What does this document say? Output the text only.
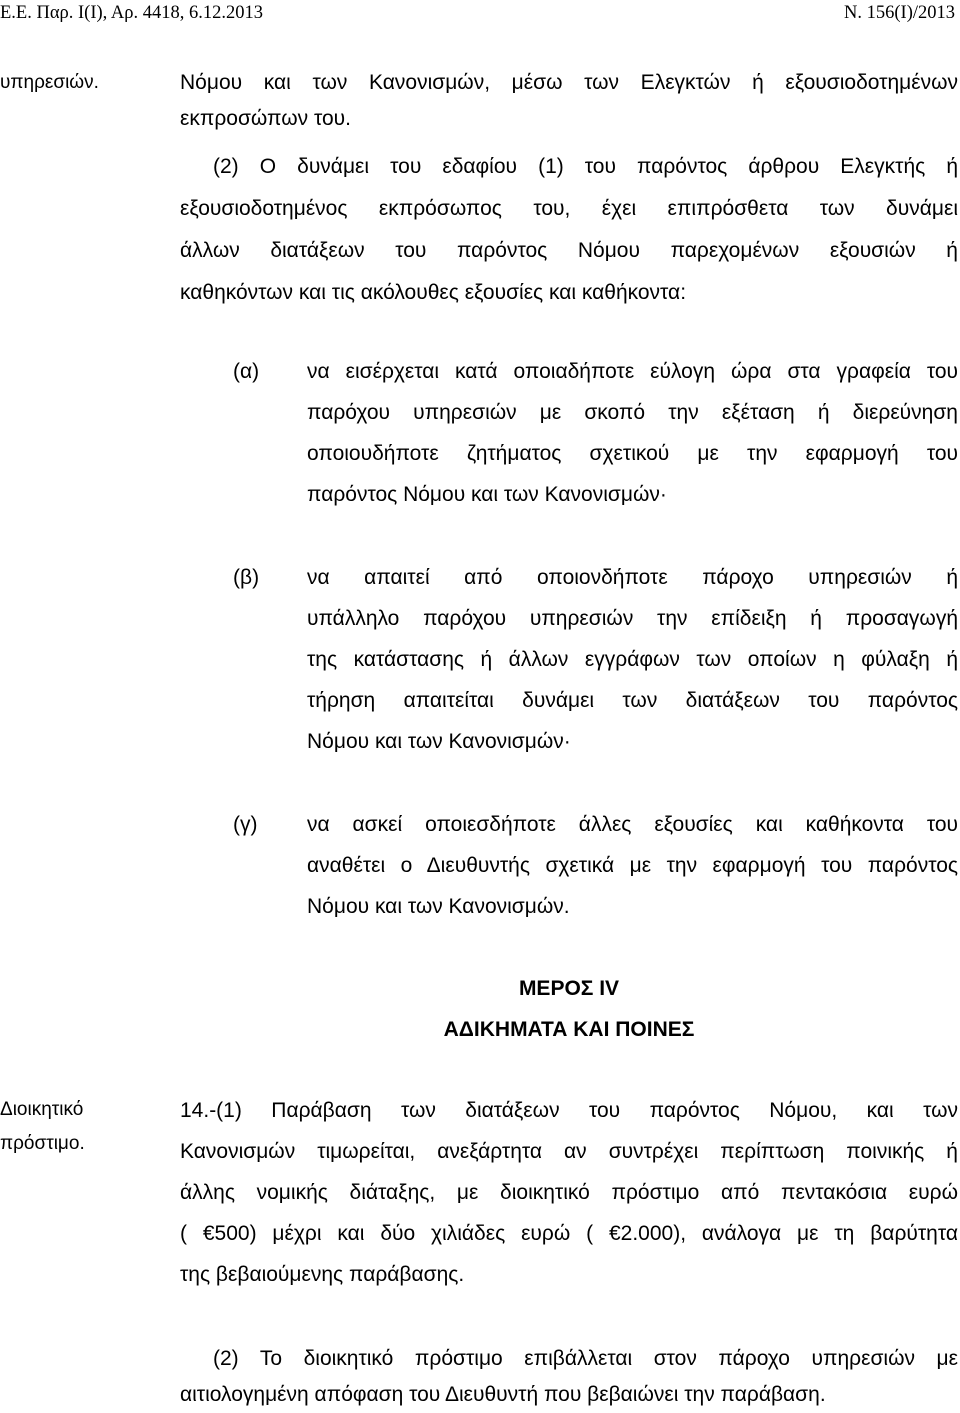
Ε.Ε. Παρ. Ι(Ι), Αρ. 4418, 6.12.2013	Ν. 156(Ι)/2013
υπηρεσιών.	Νόμου και των Κανονισμών, μέσω των Ελεγκτών ή εξουσιοδοτημένων
εκπροσώπων του.
(2) Ο δυνάμει του εδαφίου (1) του παρόντος άρθρου Ελεγκτής ή
εξουσιοδοτημένος εκπρόσωπος του, έχει επιπρόσθετα των δυνάμει
άλλων διατάξεων του παρόντος Νόμου παρεχομένων εξουσιών ή
καθηκόντων και τις ακόλουθες εξουσίες και καθήκοντα:
(α) να εισέρχεται κατά οποιαδήποτε εύλογη ώρα στα γραφεία του
παρόχου υπηρεσιών με σκοπό την εξέταση ή διερεύνηση
οποιουδήποτε ζητήματος σχετικού με την εφαρμογή του
παρόντος Νόμου και των Κανονισμών·
(β) να απαιτεί από οποιονδήποτε πάροχο υπηρεσιών ή
υπάλληλο παρόχου υπηρεσιών την επίδειξη ή προσαγωγή
της κατάστασης ή άλλων εγγράφων των οποίων η φύλαξη ή
τήρηση απαιτείται δυνάμει των διατάξεων του παρόντος
Νόμου και των Κανονισμών·
(γ) να ασκεί οποιεσδήποτε άλλες εξουσίες και καθήκοντα του
αναθέτει ο Διευθυντής σχετικά με την εφαρμογή του παρόντος
Νόμου και των Κανονισμών.
ΜΕΡΟΣ IV
ΑΔΙΚΗΜΑΤΑ ΚΑΙ ΠΟΙΝΕΣ
Διοικητικό
πρόστιμο.
14.-(1) Παράβαση των διατάξεων του παρόντος Νόμου, και των
Κανονισμών τιμωρείται, ανεξάρτητα αν συντρέχει περίπτωση ποινικής ή
άλλης νομικής διάταξης, με διοικητικό πρόστιμο από πεντακόσια ευρώ
( €500) μέχρι και δύο χιλιάδες ευρώ ( €2.000), ανάλογα με τη βαρύτητα
της βεβαιούμενης παράβασης.
(2) Το διοικητικό πρόστιμο επιβάλλεται στον πάροχο υπηρεσιών με
αιτιολογημένη απόφαση του Διευθυντή που βεβαιώνει την παράβαση.
